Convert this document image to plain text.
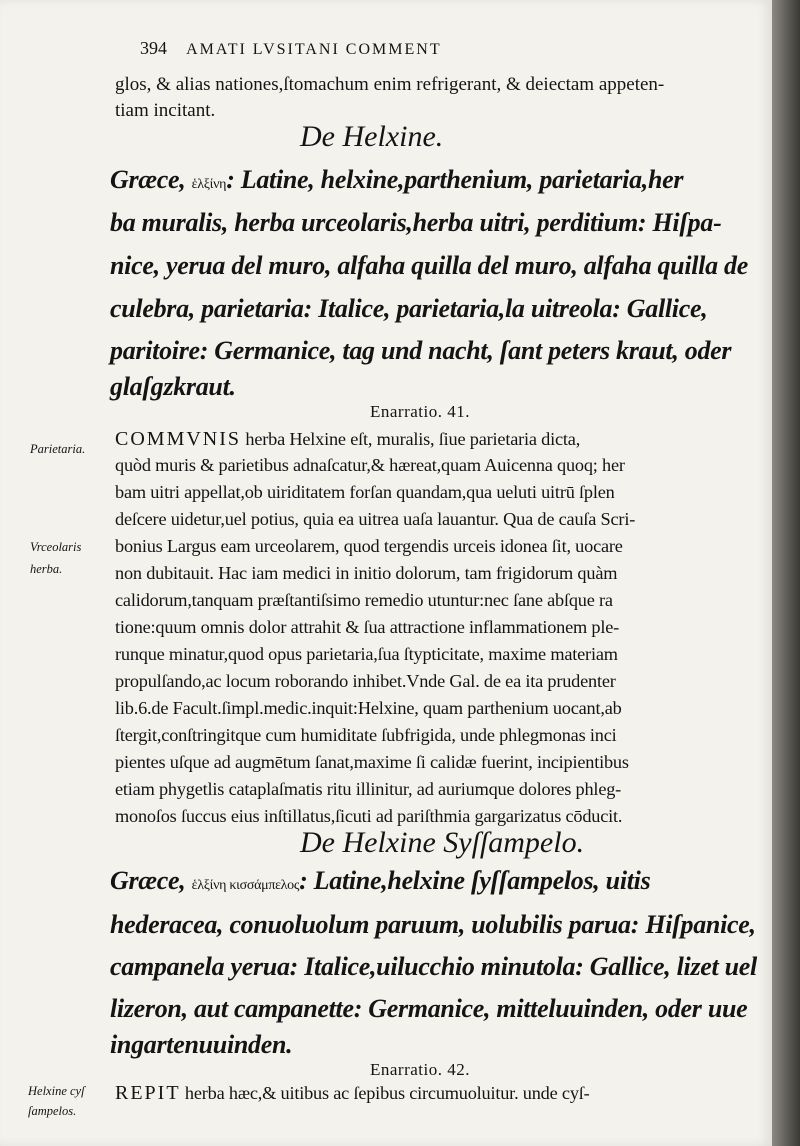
394 AMATI LVSITANI COMMENT
glos, & alias nationes,ſtomachum enim refrigerant, & deiectam appeten-
tiam incitant.
De Helxine.
Græce, ἑλξίνη: Latine, helxine,parthenium, parietaria,her
ba muralis, herba urceolaris,herba uitri, perditium: Hiſpa-
nice, yerua del muro, alfaha quilla del muro, alfaha quilla de
culebra, parietaria: Italice, parietaria,la uitreola: Gallice,
paritoire: Germanice, tag und nacht, ſant peters kraut, oder
glaſgzkraut.
Enarratio. 41.
COMMVNIS herba Helxine eſt, muralis, ſiue parietaria dicta,
quòd muris & parietibus adnaſcatur,& hæreat,quam Auicenna quoq; her
bam uitri appellat,ob uiriditatem forſan quandam,qua ueluti uitrū ſplen
deſcere uidetur,uel potius, quia ea uitrea uaſa lauantur. Qua de cauſa Scri-
bonius Largus eam urceolarem, quod tergendis urceis idonea ſit, uocare
non dubitauit. Hac iam medici in initio dolorum, tam frigidorum quàm
calidorum,tanquam præſtantiſsimo remedio utuntur:nec ſane abſque ra
tione:quum omnis dolor attrahit & ſua attractione inflammationem ple-
runque minatur,quod opus parietaria,ſua ſtypticitate, maxime materiam
propulſando,ac locum roborando inhibet.Vnde Gal. de ea ita prudenter
lib.6.de Facult.ſimpl.medic.inquit:Helxine, quam parthenium uocant,ab
ſtergit,conſtringitque cum humiditate ſubfrigida, unde phlegmonas inci
pientes uſque ad augmētum ſanat,maxime ſi calidæ fuerint, incipientibus
etiam phygetlis cataplaſmatis ritu illinitur, ad auriumque dolores phleg-
monoſos ſuccus eius inſtillatus,ſicuti ad pariſthmia gargarizatus cōducit.
Parietaria.
Vrceolaris
herba.
De Helxine Syſſampelo.
Græce, ἑλξίνη κισσάμπελος: Latine,helxine ſyſſampelos, uitis
hederacea, conuoluolum paruum, uolubilis parua: Hiſpanice,
campanela yerua: Italice,uilucchio minutola: Gallice, lizet uel
lizeron, aut campanette: Germanice, mitteluuinden, oder uue
ingartenuuinden.
Enarratio. 42.
REPIT herba hæc,& uitibus ac ſepibus circumuoluitur. unde cyſ-
Helxine cyſ
ſampelos.
